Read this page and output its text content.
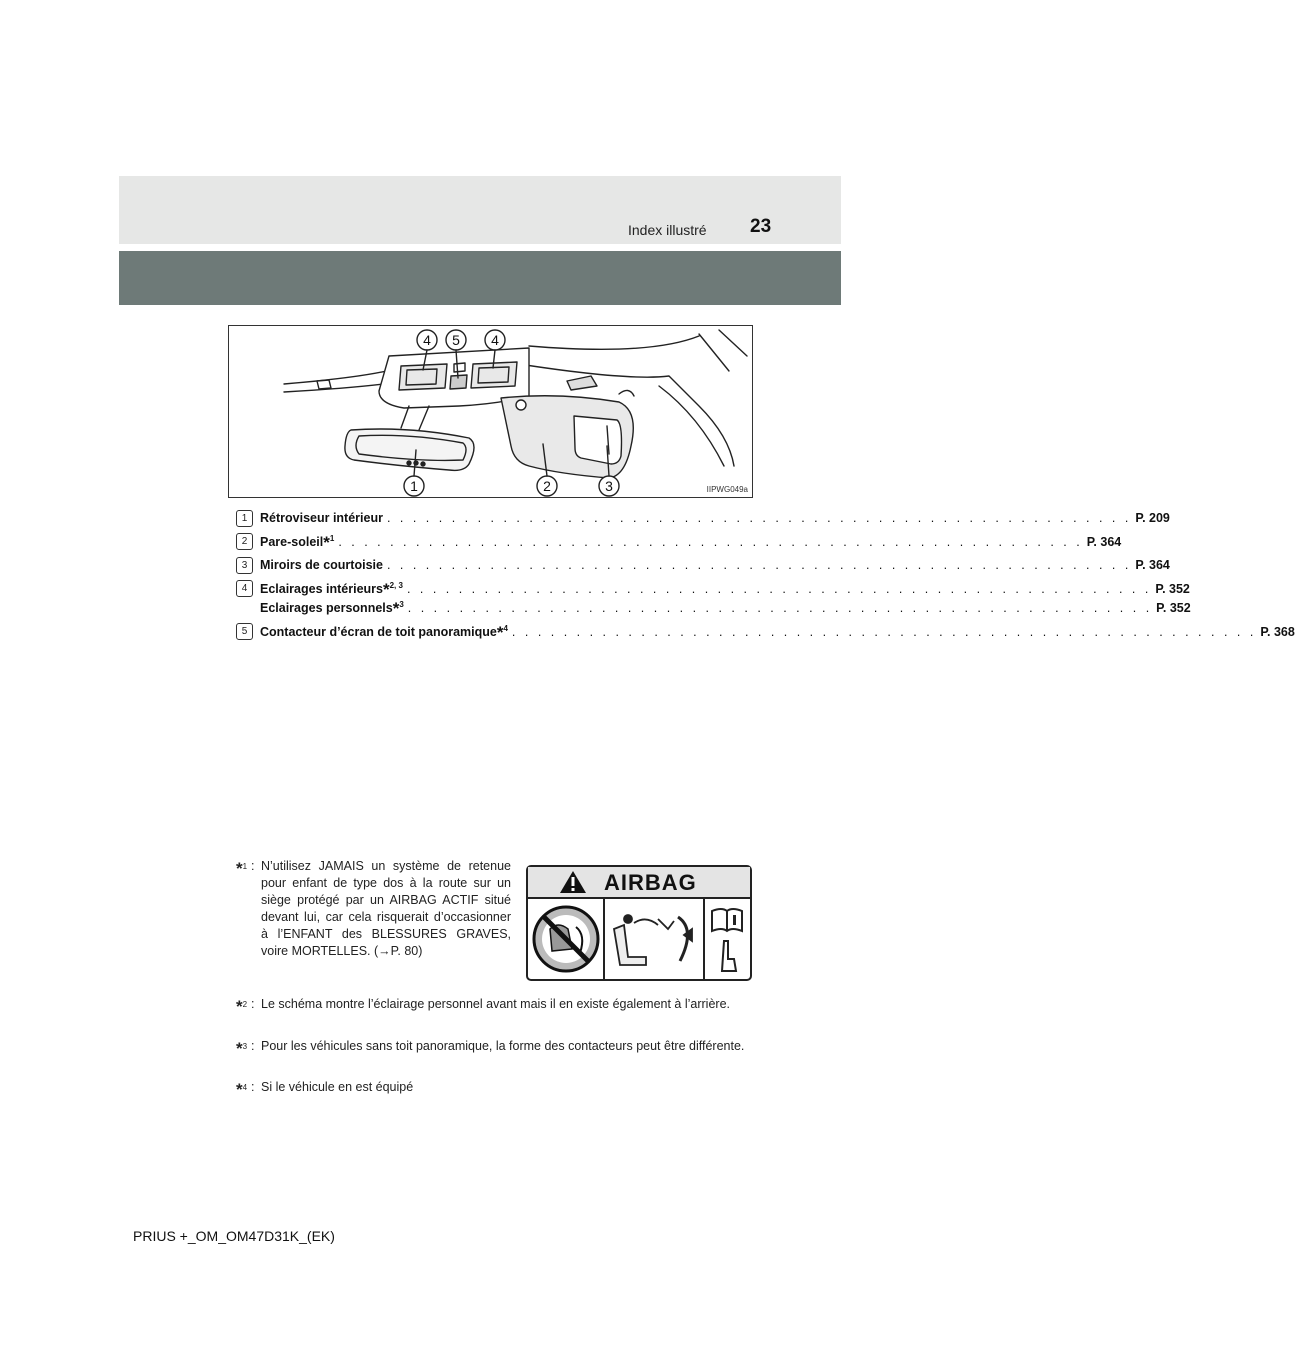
Index illustré 23
4 5 4
1	2	3	IIPWG049a
1	Rétroviseur intérieur . . . . . . . . . . . . . . . . . . . . . . . . . . . . . . . . . . . . . . . . . . . . . . . . . . . . . . . . . . P. 209
2	Pare-soleil*$^1$ . . . . . . . . . . . . . . . . . . . . . . . . . . . . . . . . . . . . . . . . . . . . . . . . . . . . . . . . . . P. 364
3	Miroirs de courtoisie . . . . . . . . . . . . . . . . . . . . . . . . . . . . . . . . . . . . . . . . . . . . . . . . . . . . . . . . . . P. 364
4	Eclairages intérieurs*$^{2, 3}$ . . . . . . . . . . . . . . . . . . . . . . . . . . . . . . . . . . . . . . . . . . . . . . . . . . . . . . . . . . P. 352
Eclairages personnels*$^3$ . . . . . . . . . . . . . . . . . . . . . . . . . . . . . . . . . . . . . . . . . . . . . . . . . . . . . . . . . . P. 352
5	Contacteur d’écran de toit panoramique*$^4$ . . . . . . . . . . . . . . . . . . . . . . . . . . . . . . . . . . . . . . . . . . . . . . . . . . . . . . . . . . P. 368
*$^1$ : N’utilisez JAMAIS un système de retenue pour enfant de type dos à la route sur un siège protégé par un AIRBAG ACTIF situé devant lui, car cela risquerait d’occasionner à l’ENFANT des BLESSURES GRAVES, voire MORTELLES. (→P. 80)
AIRBAG
*$^2$ : Le schéma montre l’éclairage personnel avant mais il en existe également à l’arrière.
*$^3$ : Pour les véhicules sans toit panoramique, la forme des contacteurs peut être différente.
*$^4$ : Si le véhicule en est équipé
PRIUS +_OM_OM47D31K_(EK)
